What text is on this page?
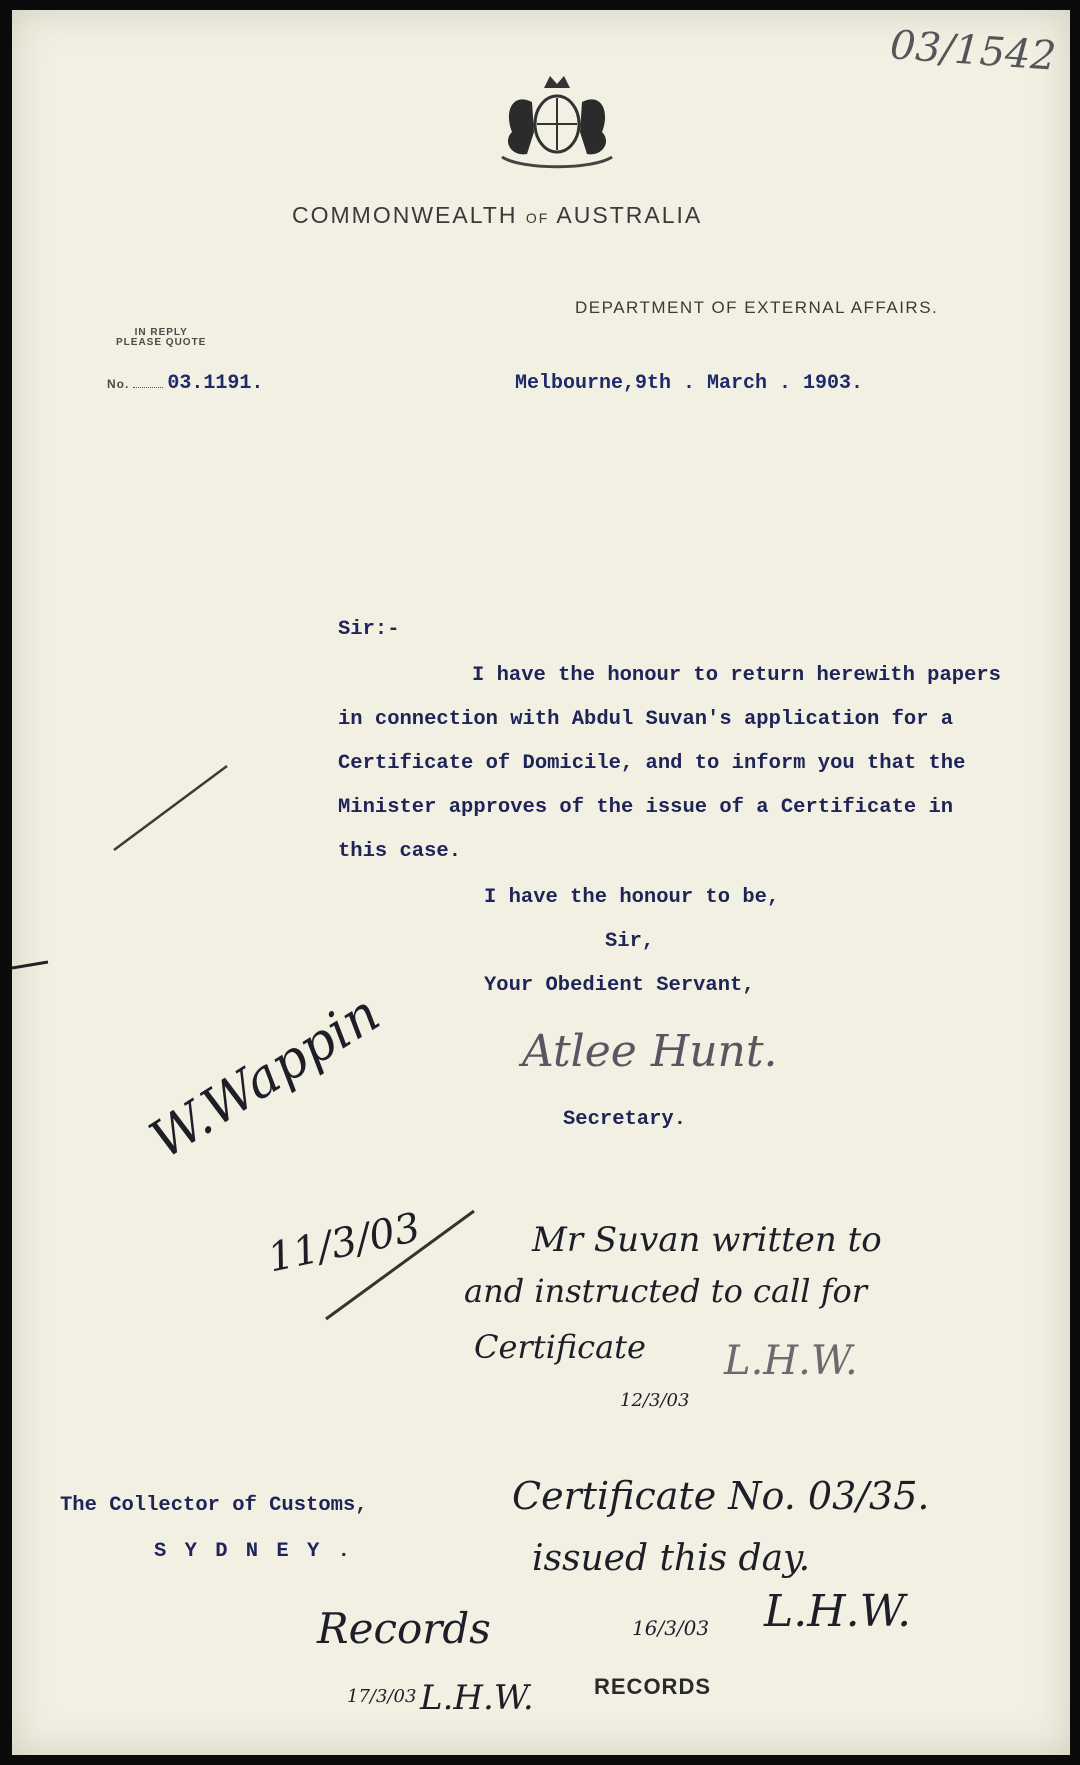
03/1542
COMMONWEALTH OF AUSTRALIA
DEPARTMENT OF EXTERNAL AFFAIRS.
IN REPLY
PLEASE QUOTE
No. 03.1191.	Melbourne,9th . March . 1903.
Sir:-
I have the honour to return herewith papers
in connection with Abdul Suvan's application for a
Certificate of Domicile, and to inform you that the
Minister approves of the issue of a Certificate in
this case.
I have the honour to be,
Sir,
Your Obedient Servant,
Atlee Hunt.
Secretary.
W.Wappin
11/3/03	Mr Suvan written to
and instructed to call for
Certificate
12/3/03
L.H.W.
The Collector of Customs,
S Y D N E Y .
Certificate No. 03/35.
issued this day.
16/3/03 L.H.W.
Records
17/3/03 L.H.W.	RECORDS
